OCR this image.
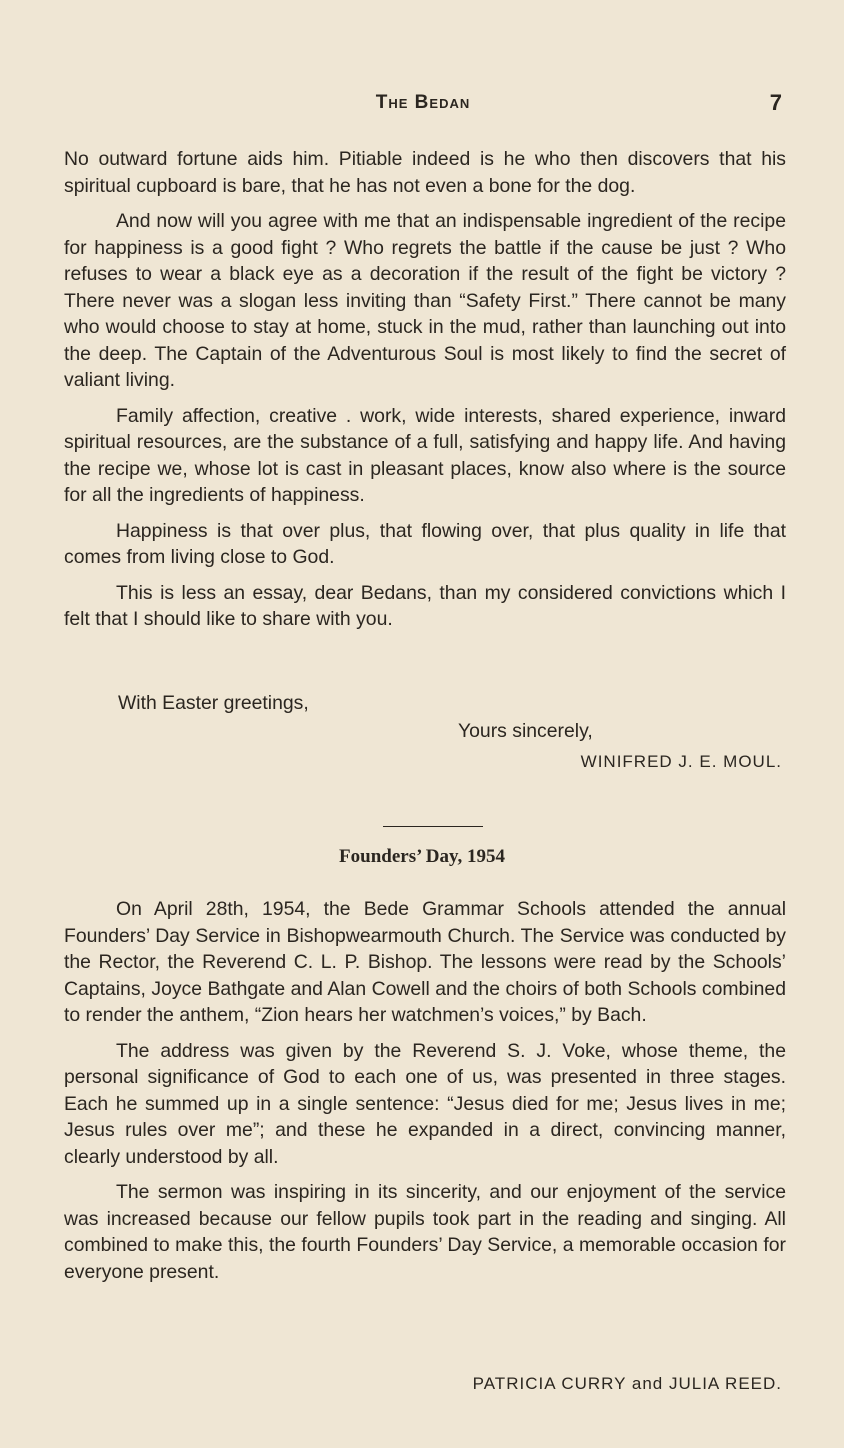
The Bedan	7

No outward fortune aids him. Pitiable indeed is he who then discovers that his spiritual cupboard is bare, that he has not even a bone for the dog.

And now will you agree with me that an indispensable ingredient of the recipe for happiness is a good fight ? Who regrets the battle if the cause be just ? Who refuses to wear a black eye as a decoration if the result of the fight be victory ? There never was a slogan less inviting than “Safety First.” There cannot be many who would choose to stay at home, stuck in the mud, rather than launching out into the deep. The Captain of the Adventurous Soul is most likely to find the secret of valiant living.

Family affection, creative . work, wide interests, shared experience, inward spiritual resources, are the substance of a full, satisfying and happy life. And having the recipe we, whose lot is cast in pleasant places, know also where is the source for all the ingredients of happiness.

Happiness is that over plus, that flowing over, that plus quality in life that comes from living close to God.

This is less an essay, dear Bedans, than my considered convictions which I felt that I should like to share with you.

With Easter greetings,
Yours sincerely,
WINIFRED J. E. MOUL.
Founders’ Day, 1954

On April 28th, 1954, the Bede Grammar Schools attended the annual Founders’ Day Service in Bishopwearmouth Church. The Service was conducted by the Rector, the Reverend C. L. P. Bishop. The lessons were read by the Schools’ Captains, Joyce Bathgate and Alan Cowell and the choirs of both Schools combined to render the anthem, “Zion hears her watchmen’s voices,” by Bach.

The address was given by the Reverend S. J. Voke, whose theme, the personal significance of God to each one of us, was presented in three stages. Each he summed up in a single sentence: “Jesus died for me; Jesus lives in me; Jesus rules over me”; and these he expanded in a direct, convincing manner, clearly understood by all.

The sermon was inspiring in its sincerity, and our enjoyment of the service was increased because our fellow pupils took part in the reading and singing. All combined to make this, the fourth Founders’ Day Service, a memorable occasion for everyone present.

PATRICIA CURRY and JULIA REED.
